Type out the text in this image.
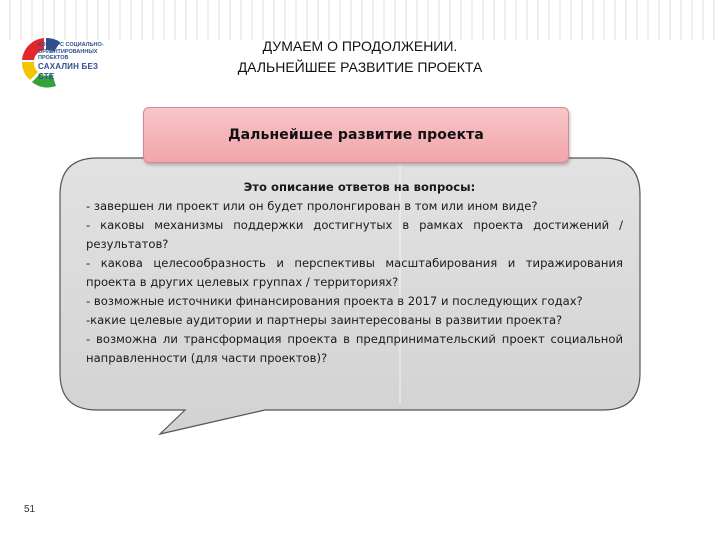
КОНКУРС СОЦИАЛЬНО-
ОРИЕНТИРОВАННЫХ ПРОЕКТОВ
САХАЛИН БЕЗ СТЕ
ДУМАЕМ О ПРОДОЛЖЕНИИ.
ДАЛЬНЕЙШЕЕ РАЗВИТИЕ ПРОЕКТА
Дальнейшее развитие проекта
Это описание ответов на вопросы:
- завершен ли проект или он будет пролонгирован в том или ином виде?
- каковы механизмы поддержки достигнутых в рамках проекта достижений / результатов?
- какова целесообразность и перспективы масштабирования и тиражирования проекта в других целевых группах / территориях?
- возможные источники финансирования проекта в 2017 и последующих годах?
-какие целевые аудитории и партнеры заинтересованы в развитии проекта?
- возможна ли трансформация проекта в предпринимательский проект социальной направленности (для части проектов)?
51
